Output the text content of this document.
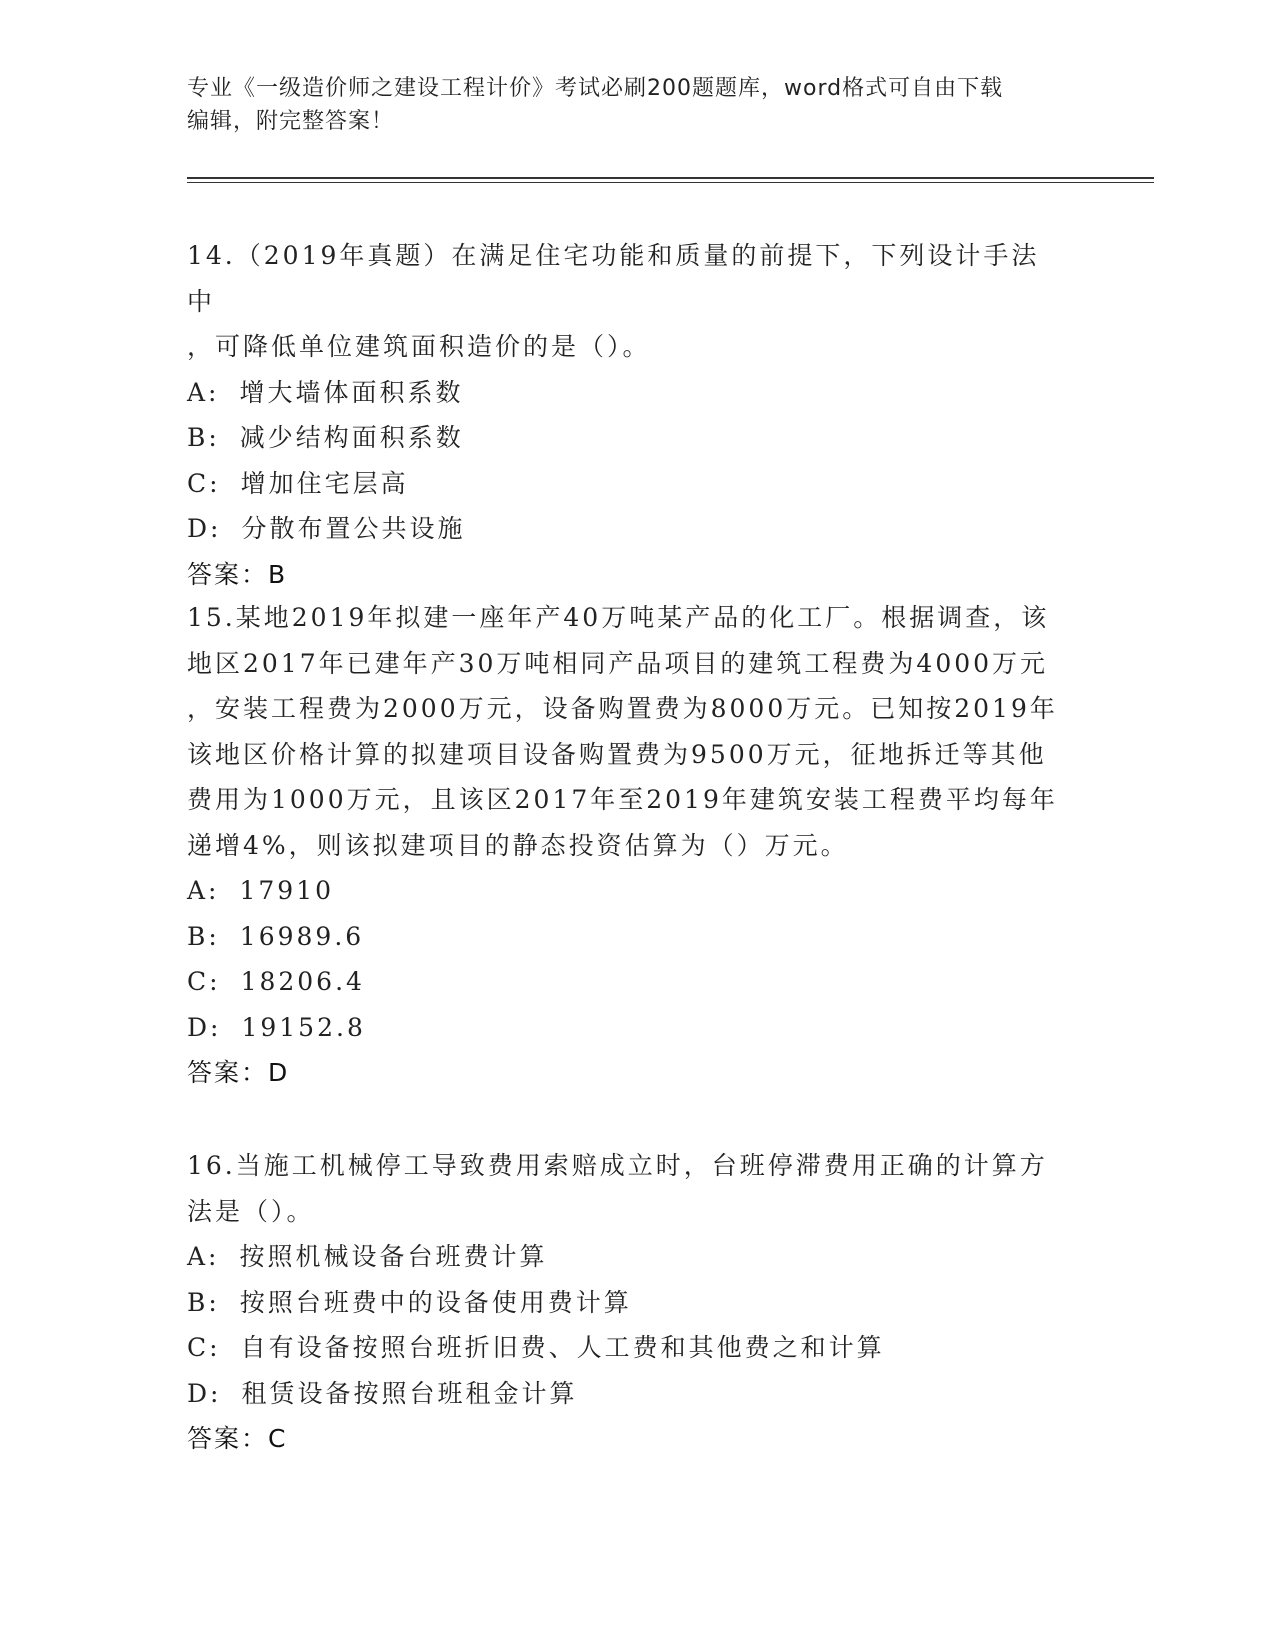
专业《一级造价师之建设工程计价》考试必刷200题题库，word格式可自由下载
编辑，附完整答案！

14.（2019年真题）在满足住宅功能和质量的前提下，下列设计手法中

，可降低单位建筑面积造价的是（）。

A: 增大墙体面积系数

B: 减少结构面积系数

C: 增加住宅层高

D: 分散布置公共设施

答案：B

15.某地2019年拟建一座年产40万吨某产品的化工厂。根据调查，该

地区2017年已建年产30万吨相同产品项目的建筑工程费为4000万元

，安装工程费为2000万元，设备购置费为8000万元。已知按2019年

该地区价格计算的拟建项目设备购置费为9500万元，征地拆迁等其他

费用为1000万元，且该区2017年至2019年建筑安装工程费平均每年

递增4%，则该拟建项目的静态投资估算为（）万元。

A: 17910

B: 16989.6

C: 18206.4

D: 19152.8

答案：D

16.当施工机械停工导致费用索赔成立时，台班停滞费用正确的计算方

法是（）。

A: 按照机械设备台班费计算

B: 按照台班费中的设备使用费计算

C: 自有设备按照台班折旧费、人工费和其他费之和计算

D: 租赁设备按照台班租金计算

答案：C
